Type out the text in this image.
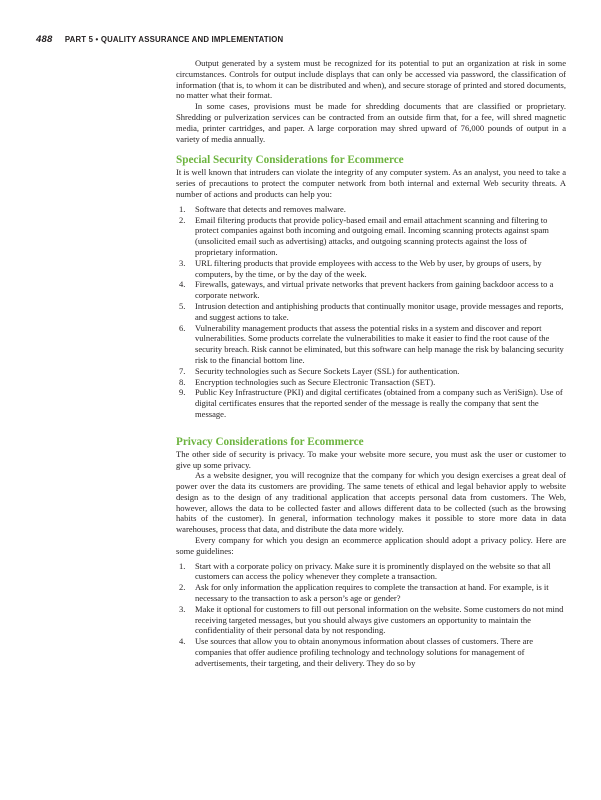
488 PART 5 • QUALITY ASSURANCE AND IMPLEMENTATION

Output generated by a system must be recognized for its potential to put an organization at risk in some circumstances. Controls for output include displays that can only be accessed via password, the classification of information (that is, to whom it can be distributed and when), and secure storage of printed and stored documents, no matter what their format.

In some cases, provisions must be made for shredding documents that are classified or proprietary. Shredding or pulverization services can be contracted from an outside firm that, for a fee, will shred magnetic media, printer cartridges, and paper. A large corporation may shred upward of 76,000 pounds of output in a variety of media annually.

Special Security Considerations for Ecommerce

It is well known that intruders can violate the integrity of any computer system. As an analyst, you need to take a series of precautions to protect the computer network from both internal and external Web security threats. A number of actions and products can help you:

1. Software that detects and removes malware.
2. Email filtering products that provide policy-based email and email attachment scanning and filtering to protect companies against both incoming and outgoing email. Incoming scanning protects against spam (unsolicited email such as advertising) attacks, and outgoing scanning protects against the loss of proprietary information.
3. URL filtering products that provide employees with access to the Web by user, by groups of users, by computers, by the time, or by the day of the week.
4. Firewalls, gateways, and virtual private networks that prevent hackers from gaining backdoor access to a corporate network.
5. Intrusion detection and antiphishing products that continually monitor usage, provide messages and reports, and suggest actions to take.
6. Vulnerability management products that assess the potential risks in a system and discover and report vulnerabilities. Some products correlate the vulnerabilities to make it easier to find the root cause of the security breach. Risk cannot be eliminated, but this software can help manage the risk by balancing security risk to the financial bottom line.
7. Security technologies such as Secure Sockets Layer (SSL) for authentication.
8. Encryption technologies such as Secure Electronic Transaction (SET).
9. Public Key Infrastructure (PKI) and digital certificates (obtained from a company such as VeriSign). Use of digital certificates ensures that the reported sender of the message is really the company that sent the message.
Privacy Considerations for Ecommerce

The other side of security is privacy. To make your website more secure, you must ask the user or customer to give up some privacy.

As a website designer, you will recognize that the company for which you design exercises a great deal of power over the data its customers are providing. The same tenets of ethical and legal behavior apply to website design as to the design of any traditional application that accepts personal data from customers. The Web, however, allows the data to be collected faster and allows different data to be collected (such as the browsing habits of the customer). In general, information technology makes it possible to store more data in data warehouses, process that data, and distribute the data more widely.

Every company for which you design an ecommerce application should adopt a privacy policy. Here are some guidelines:

1. Start with a corporate policy on privacy. Make sure it is prominently displayed on the website so that all customers can access the policy whenever they complete a transaction.
2. Ask for only information the application requires to complete the transaction at hand. For example, is it necessary to the transaction to ask a person’s age or gender?
3. Make it optional for customers to fill out personal information on the website. Some customers do not mind receiving targeted messages, but you should always give customers an opportunity to maintain the confidentiality of their personal data by not responding.
4. Use sources that allow you to obtain anonymous information about classes of customers. There are companies that offer audience profiling technology and technology solutions for management of advertisements, their targeting, and their delivery. They do so by
